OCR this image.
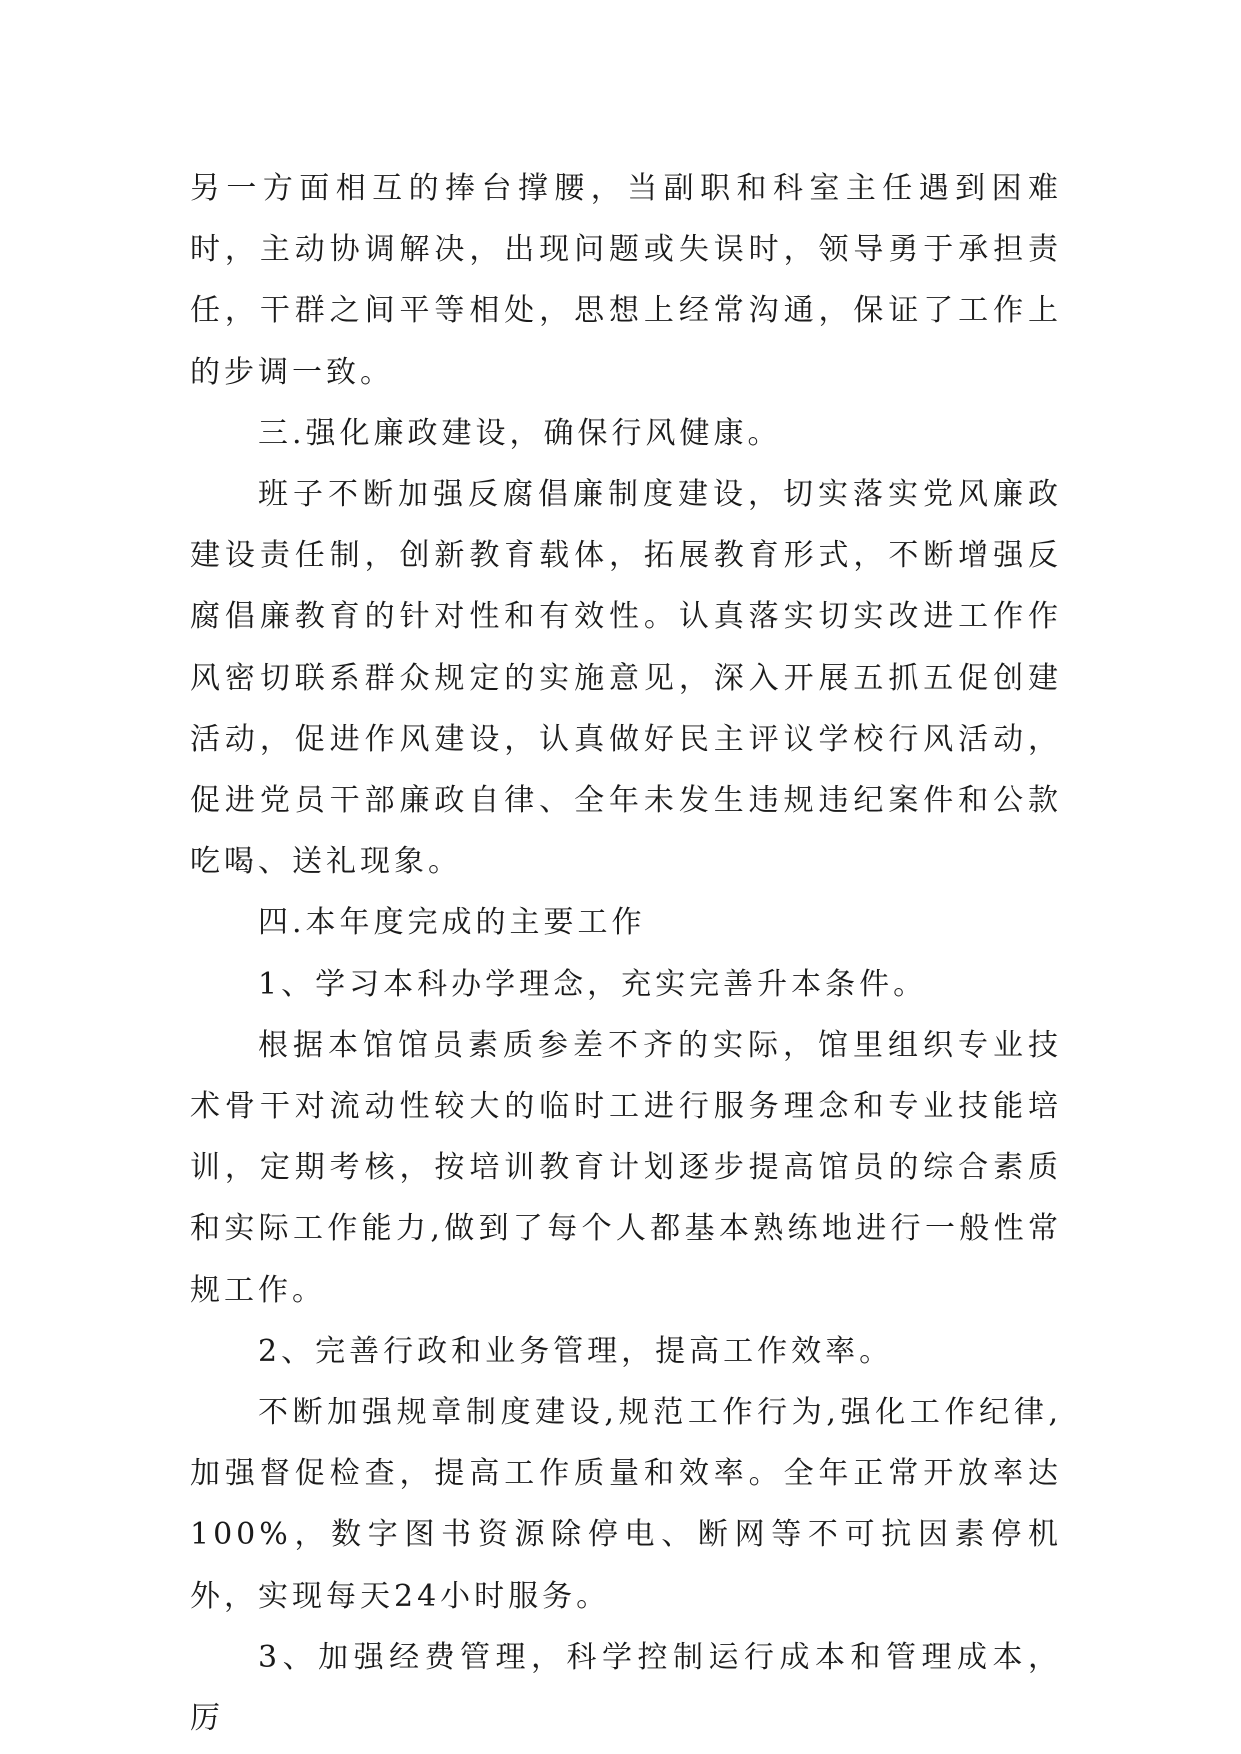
另一方面相互的捧台撑腰，当副职和科室主任遇到困难时，主动协调解决，出现问题或失误时，领导勇于承担责任，干群之间平等相处，思想上经常沟通，保证了工作上的步调一致。

三.强化廉政建设，确保行风健康。

班子不断加强反腐倡廉制度建设，切实落实党风廉政建设责任制，创新教育载体，拓展教育形式，不断增强反腐倡廉教育的针对性和有效性。认真落实切实改进工作作风密切联系群众规定的实施意见，深入开展五抓五促创建活动，促进作风建设，认真做好民主评议学校行风活动，促进党员干部廉政自律、全年未发生违规违纪案件和公款吃喝、送礼现象。

四.本年度完成的主要工作

1、学习本科办学理念，充实完善升本条件。

根据本馆馆员素质参差不齐的实际，馆里组织专业技术骨干对流动性较大的临时工进行服务理念和专业技能培训，定期考核，按培训教育计划逐步提高馆员的综合素质和实际工作能力,做到了每个人都基本熟练地进行一般性常规工作。

2、完善行政和业务管理，提高工作效率。

不断加强规章制度建设,规范工作行为,强化工作纪律,加强督促检查，提高工作质量和效率。全年正常开放率达100%，数字图书资源除停电、断网等不可抗因素停机外，实现每天24小时服务。

3、加强经费管理，科学控制运行成本和管理成本，厉
